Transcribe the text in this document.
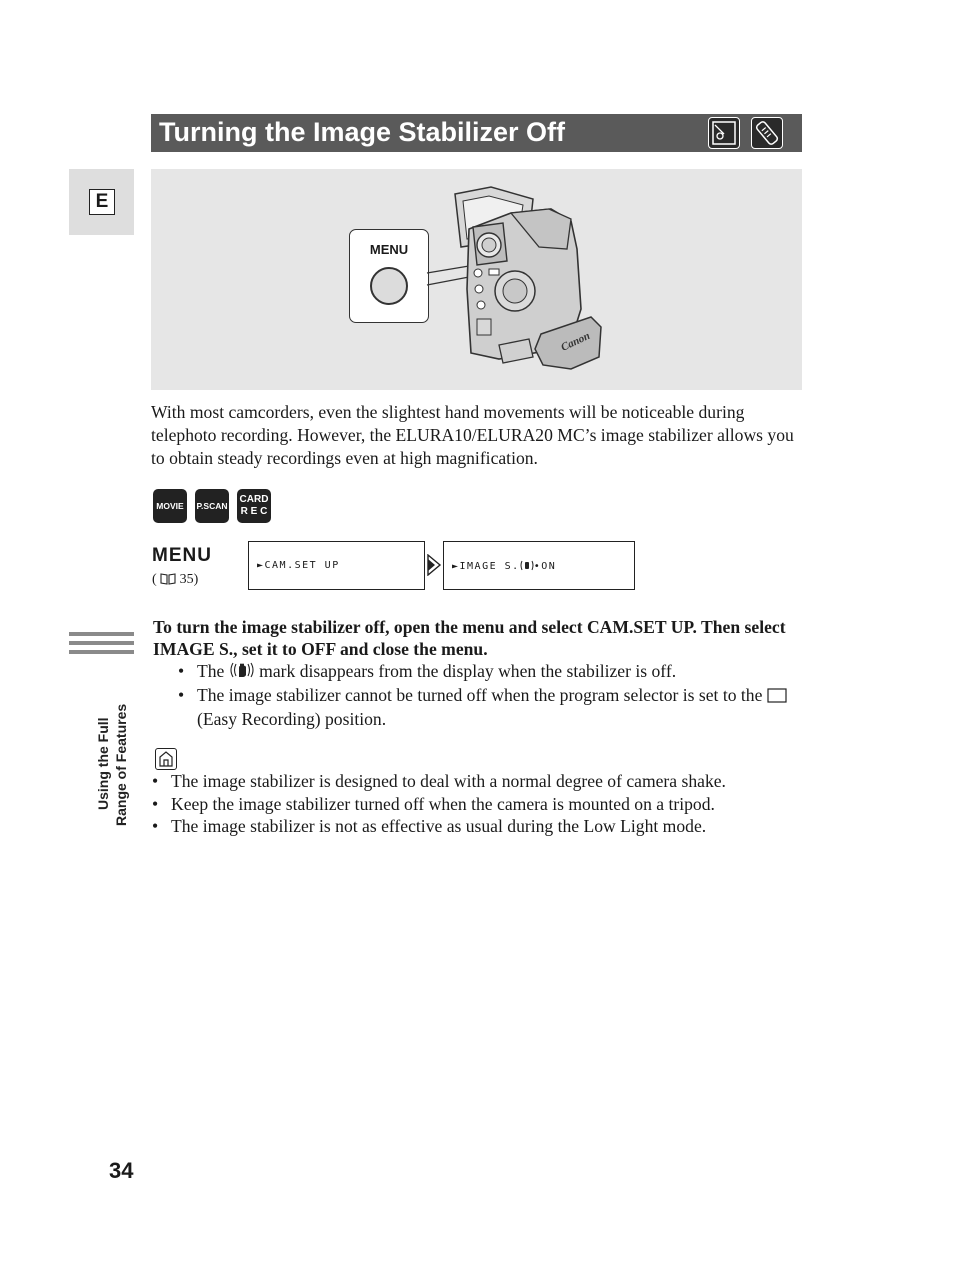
Turning the Image Stabilizer Off
E
MENU
Canon
With most camcorders, even the slightest hand movements will be noticeable during telephoto recording. However, the ELURA10/ELURA20 MC’s image stabilizer allows you to obtain steady recordings even at high magnification.
MOVIE	P.SCAN
CARD
R E C
MENU
( 35)
►CAM.SET UP	►IMAGE S. •ON
To turn the image stabilizer off, open the menu and select CAM.SET UP. Then select IMAGE S., set it to OFF and close the menu.
• The mark disappears from the display when the stabilizer is off.
• The image stabilizer cannot be turned off when the program selector is set to the  (Easy Recording) position.
• The image stabilizer is designed to deal with a normal degree of camera shake.
• Keep the image stabilizer turned off when the camera is mounted on a tripod.
• The image stabilizer is not as effective as usual during the Low Light mode.
Using the Full Range of Features
34
